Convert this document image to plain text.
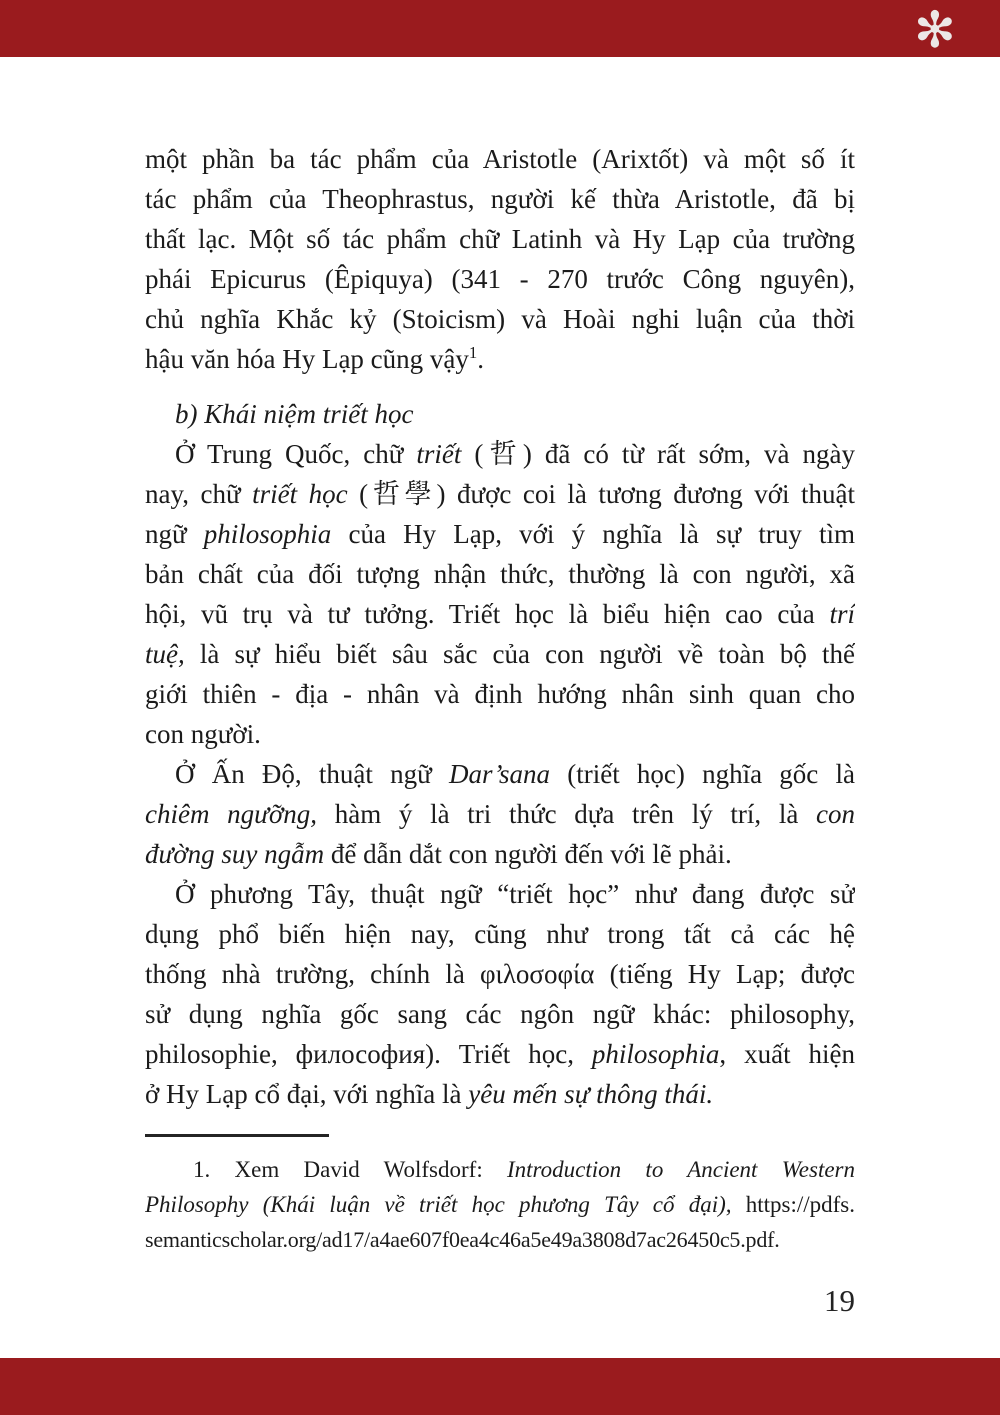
✻
một phần ba tác phẩm của Aristotle (Arixtốt) và một số ít
tác phẩm của Theophrastus, người kế thừa Aristotle, đã bị
thất lạc. Một số tác phẩm chữ Latinh và Hy Lạp của trường
phái Epicurus (Êpiquya) (341 - 270 trước Công nguyên),
chủ nghĩa Khắc kỷ (Stoicism) và Hoài nghi luận của thời
hậu văn hóa Hy Lạp cũng vậy$^1$.
b) Khái niệm triết học
Ở Trung Quốc, chữ triết (哲) đã có từ rất sớm, và ngày
nay, chữ triết học (哲學) được coi là tương đương với thuật
ngữ philosophia của Hy Lạp, với ý nghĩa là sự truy tìm
bản chất của đối tượng nhận thức, thường là con người, xã
hội, vũ trụ và tư tưởng. Triết học là biểu hiện cao của trí
tuệ, là sự hiểu biết sâu sắc của con người về toàn bộ thế
giới thiên - địa - nhân và định hướng nhân sinh quan cho
con người.
Ở Ấn Độ, thuật ngữ Dar’sana (triết học) nghĩa gốc là
chiêm ngưỡng, hàm ý là tri thức dựa trên lý trí, là con
đường suy ngẫm để dẫn dắt con người đến với lẽ phải.
Ở phương Tây, thuật ngữ “triết học” như đang được sử
dụng phổ biến hiện nay, cũng như trong tất cả các hệ
thống nhà trường, chính là φιλοσοφία (tiếng Hy Lạp; được
sử dụng nghĩa gốc sang các ngôn ngữ khác: philosophy,
philosophie, философия). Triết học, philosophia, xuất hiện
ở Hy Lạp cổ đại, với nghĩa là yêu mến sự thông thái.
1. Xem David Wolfsdorf: Introduction to Ancient Western
Philosophy (Khái luận về triết học phương Tây cổ đại), https://pdfs.
semanticscholar.org/ad17/a4ae607f0ea4c46a5e49a3808d7ac26450c5.pdf.
19
